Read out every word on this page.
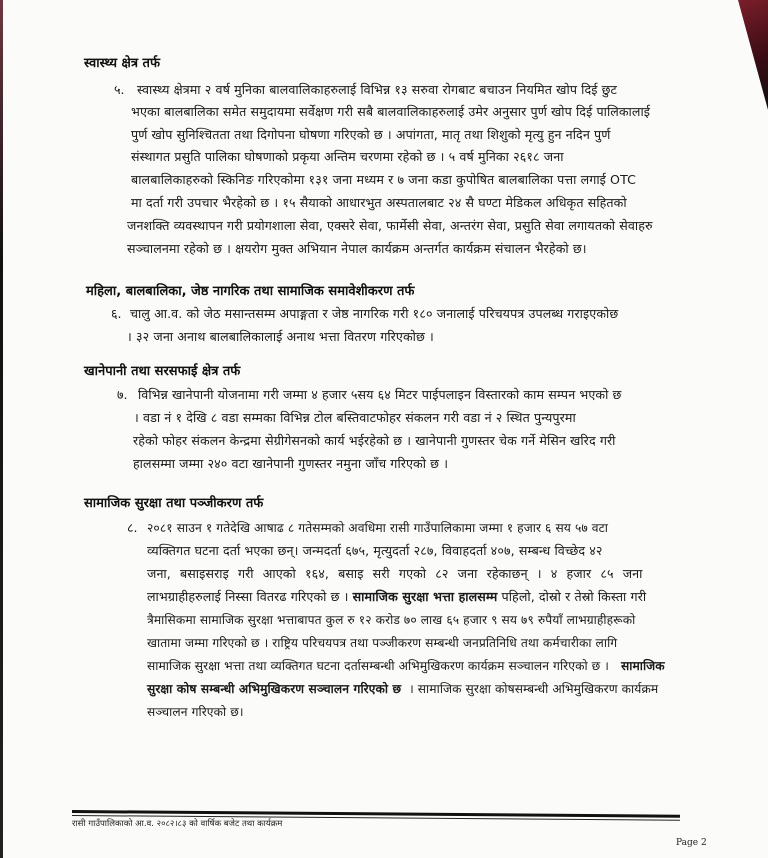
स्वास्थ्य क्षेत्र तर्फ
५. स्वास्थ्य क्षेत्रमा २ वर्ष मुनिका बालवालिकाहरुलाई विभिन्न १३ सरुवा रोगबाट बचाउन नियमित खोप दिई छुट
भएका बालबालिका समेत समुदायमा सर्वेक्षण गरी सबै बालवालिकाहरुलाई उमेर अनुसार पुर्ण खोप दिई पालिकालाई
पुर्ण खोप सुनिश्चितता तथा दिगोपना घोषणा गरिएको छ । अपांगता, मातृ तथा शिशुको मृत्यु हुन नदिन पुर्ण
संस्थागत प्रसुति पालिका घोषणाको प्रकृया अन्तिम चरणमा रहेको छ । ५ वर्ष मुनिका २६१८ जना
बालबालिकाहरुको स्किनिङ गरिएकोमा १३१ जना मध्यम र ७ जना कडा कुपोषित बालबालिका पत्ता लगाई OTC
मा दर्ता गरी उपचार भैरहेको छ । १५ सैयाको आधारभुत अस्पतालबाट २४ सै घण्टा मेडिकल अधिकृत सहितको
जनशक्ति व्यवस्थापन गरी प्रयोगशाला सेवा, एक्सरे सेवा, फार्मेसी सेवा, अन्तरंग सेवा, प्रसुति सेवा लगायतको सेवाहरु
सञ्चालनमा रहेको छ । क्षयरोग मुक्त अभियान नेपाल कार्यक्रम अन्तर्गत कार्यक्रम संचालन भैरहेको छ।
महिला, बालबालिका, जेष्ठ नागरिक तथा सामाजिक समावेशीकरण तर्फ
६. चालु आ.व. को जेठ मसान्तसम्म अपाङ्गता र जेष्ठ नागरिक गरी १८० जनालाई परिचयपत्र उपलब्ध गराइएकोछ
। ३२ जना अनाथ बालबालिकालाई अनाथ भत्ता वितरण गरिएकोछ ।
खानेपानी तथा सरसफाई क्षेत्र तर्फ
७. विभिन्न खानेपानी योजनामा गरी जम्मा ४ हजार ५सय ६४ मिटर पाईपलाइन विस्तारको काम सम्पन भएको छ
। वडा नं १ देखि ८ वडा सम्मका विभिन्न टोल बस्तिवाटफोहर संकलन गरी वडा नं २ स्थित पुन्यपुरमा
रहेको फोहर संकलन केन्द्रमा सेग्रीगेसनको कार्य भईरहेको छ । खानेपानी गुणस्तर चेक गर्ने मेसिन खरिद गरी
हालसम्मा जम्मा २४० वटा खानेपानी गुणस्तर नमुना जाँच गरिएको छ ।
सामाजिक सुरक्षा तथा पञ्जीकरण तर्फ
८. २०८१ साउन १ गतेदेखि आषाढ ८ गतेसम्मको अवधिमा रासी गाउँपालिकामा जम्मा १ हजार ६ सय ५७ वटा
व्यक्तिगत घटना दर्ता भएका छन्। जन्मदर्ता ६७५, मृत्युदर्ता २८७, विवाहदर्ता ४०७, सम्बन्ध विच्छेद ४२
जना, बसाइसराइ गरी आएको १६४, बसाइ सरी गएको ८२ जना रहेकाछन् । ४ हजार ८५ जना
लाभग्राहीहरुलाई निस्सा वितरढ गरिएको छ । सामाजिक सुरक्षा भत्ता हालसम्म पहिलो, दोस्रो र तेस्रो किस्ता गरी
त्रैमासिकमा सामाजिक सुरक्षा भत्ताबापत कुल रु १२ करोड ७० लाख ६५ हजार ९ सय ७९ रुपैयाँ लाभग्राहीहरूको
खातामा जम्मा गरिएको छ । राष्ट्रिय परिचयपत्र तथा पञ्जीकरण सम्बन्धी जनप्रतिनिधि तथा कर्मचारीका लागि
सामाजिक सुरक्षा भत्ता तथा व्यक्तिगत घटना दर्तासम्बन्धी अभिमुखिकरण कार्यक्रम सञ्चालन गरिएको छ । सामाजिक
सुरक्षा कोष सम्बन्धी अभिमुखिकरण सञ्चालन गरिएको छ । सामाजिक सुरक्षा कोषसम्बन्धी अभिमुखिकरण कार्यक्रम
सञ्चालन गरिएको छ।
रासी गाउँपालिकाको आ.व. २०८२।८३ को वार्षिक बजेट तथा कार्यक्रम
Page 2
